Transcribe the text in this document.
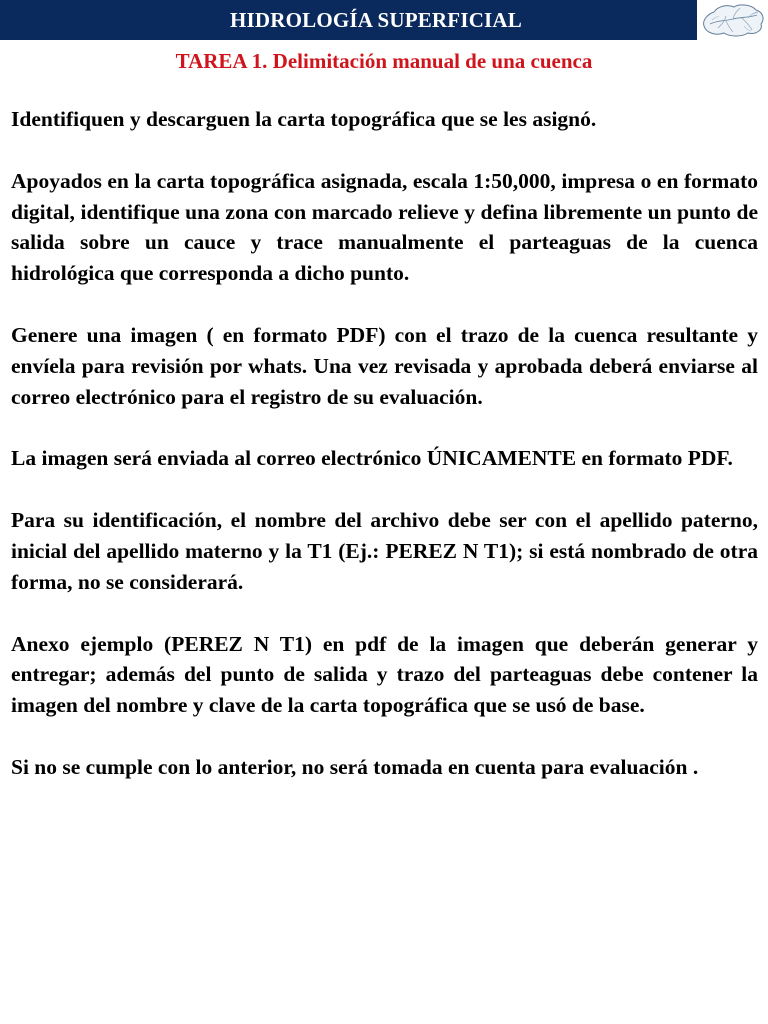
HIDROLOGÍA SUPERFICIAL
TAREA 1. Delimitación manual de una cuenca

Identifiquen y descarguen la carta topográfica que se les asignó.

Apoyados en la carta topográfica asignada, escala 1:50,000, impresa o en formato digital, identifique una zona con marcado relieve y defina libremente un punto de salida sobre un cauce y trace manualmente el parteaguas de la cuenca hidrológica que corresponda a dicho punto.

Genere una imagen ( en formato PDF) con el trazo de la cuenca resultante y envíela para revisión por whats. Una vez revisada y aprobada deberá enviarse al correo electrónico para el registro de su evaluación.

La imagen será enviada al correo electrónico ÚNICAMENTE en formato PDF.

Para su identificación, el nombre del archivo debe ser con el apellido paterno, inicial del apellido materno y la T1 (Ej.: PEREZ N T1); si está nombrado de otra forma, no se considerará.

Anexo ejemplo (PEREZ N T1) en pdf de la imagen que deberán generar y entregar; además del punto de salida y trazo del parteaguas debe contener la imagen del nombre y clave de la carta topográfica que se usó de base.

Si no se cumple con lo anterior, no será tomada en cuenta para evaluación .
